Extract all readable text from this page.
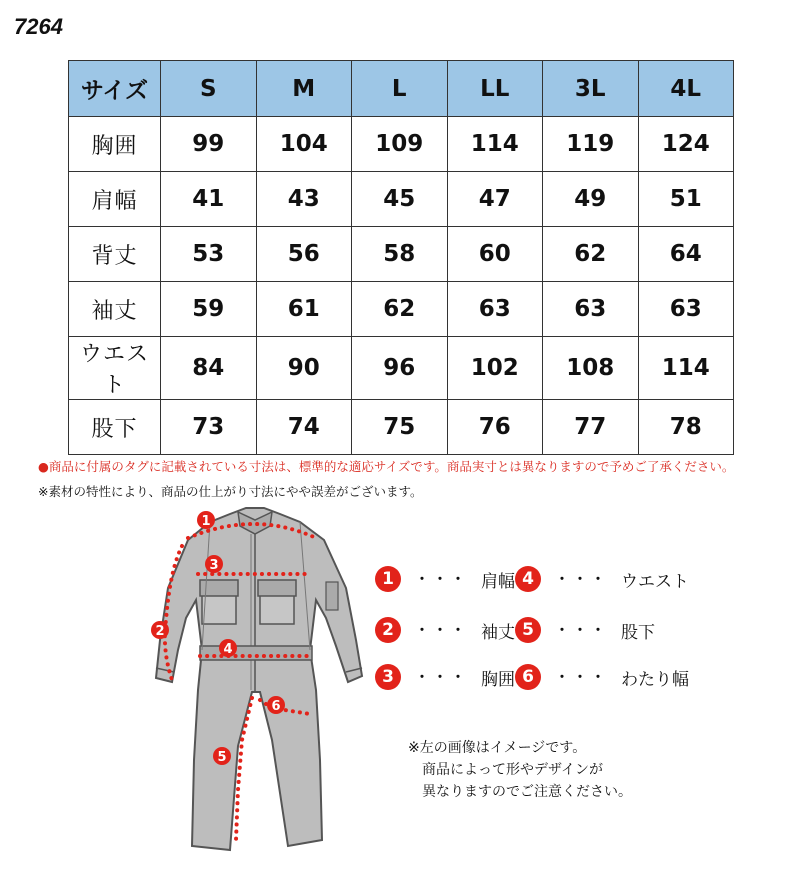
7264
サイズ	S	M	L	LL	3L	4L
胸囲	99	104	109	114	119	124
肩幅	41	43	45	47	49	51
背丈	53	56	58	60	62	64
袖丈	59	61	62	63	63	63
ウエスト	84	90	96	102	108	114
股下	73	74	75	76	77	78
●商品に付属のタグに記載されている寸法は、標準的な適応サイズです。商品実寸とは異なりますので予めご了承ください。
※素材の特性により、商品の仕上がり寸法にやや誤差がございます。
1
2
3
4
5
6
1	・・・ 肩幅
2	・・・ 袖丈
3	・・・ 胸囲
4	・・・ ウエスト
5	・・・ 股下
6	・・・ わたり幅
※左の画像はイメージです。
商品によって形やデザインが
異なりますのでご注意ください。
